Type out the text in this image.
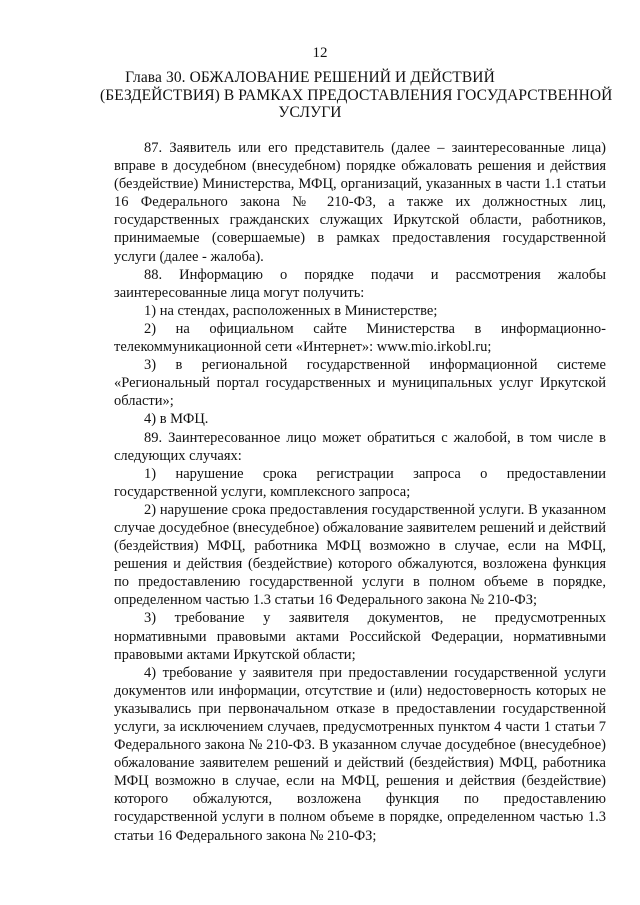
12
Глава 30. ОБЖАЛОВАНИЕ РЕШЕНИЙ И ДЕЙСТВИЙ
(БЕЗДЕЙСТВИЯ) В РАМКАХ ПРЕДОСТАВЛЕНИЯ ГОСУДАРСТВЕННОЙ
УСЛУГИ

87. Заявитель или его представитель (далее – заинтересованные лица) вправе в досудебном (внесудебном) порядке обжаловать решения и действия (бездействие) Министерства, МФЦ, организаций, указанных в части 1.1 статьи 16 Федерального закона № 210-ФЗ, а также их должностных лиц, государственных гражданских служащих Иркутской области, работников, принимаемые (совершаемые) в рамках предоставления государственной услуги (далее - жалоба).

88. Информацию о порядке подачи и рассмотрения жалобы заинтересованные лица могут получить:

1) на стендах, расположенных в Министерстве;

2) на официальном сайте Министерства в информационно-телекоммуникационной сети «Интернет»: www.mio.irkobl.ru;

3) в региональной государственной информационной системе «Региональный портал государственных и муниципальных услуг Иркутской области»;

4) в МФЦ.

89. Заинтересованное лицо может обратиться с жалобой, в том числе в следующих случаях:

1) нарушение срока регистрации запроса о предоставлении государственной услуги, комплексного запроса;

2) нарушение срока предоставления государственной услуги. В указанном случае досудебное (внесудебное) обжалование заявителем решений и действий (бездействия) МФЦ, работника МФЦ возможно в случае, если на МФЦ, решения и действия (бездействие) которого обжалуются, возложена функция по предоставлению государственной услуги в полном объеме в порядке, определенном частью 1.3 статьи 16 Федерального закона № 210-ФЗ;

3) требование у заявителя документов, не предусмотренных нормативными правовыми актами Российской Федерации, нормативными правовыми актами Иркутской области;

4) требование у заявителя при предоставлении государственной услуги документов или информации, отсутствие и (или) недостоверность которых не указывались при первоначальном отказе в предоставлении государственной услуги, за исключением случаев, предусмотренных пунктом 4 части 1 статьи 7 Федерального закона № 210-ФЗ. В указанном случае досудебное (внесудебное) обжалование заявителем решений и действий (бездействия) МФЦ, работника МФЦ возможно в случае, если на МФЦ, решения и действия (бездействие) которого обжалуются, возложена функция по предоставлению государственной услуги в полном объеме в порядке, определенном частью 1.3 статьи 16 Федерального закона № 210-ФЗ;
